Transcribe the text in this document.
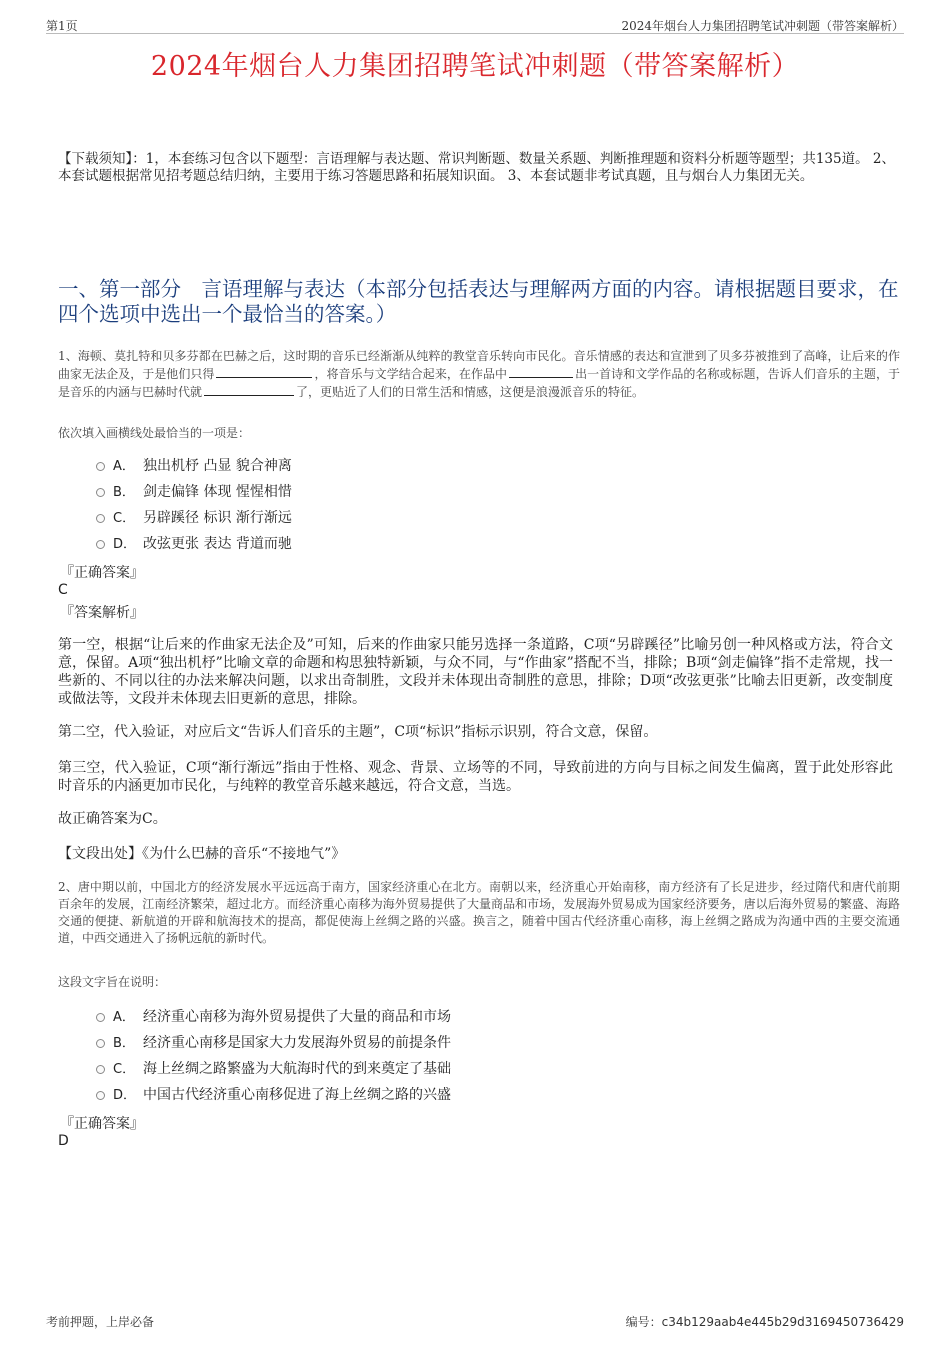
第1页	2024年烟台人力集团招聘笔试冲刺题（带答案解析）
2024年烟台人力集团招聘笔试冲刺题（带答案解析）
【下载须知】：1，本套练习包含以下题型：言语理解与表达题、常识判断题、数量关系题、判断推理题和资料分析题等题型；共135道。 2、本套试题根据常见招考题总结归纳，主要用于练习答题思路和拓展知识面。 3、本套试题非考试真题，且与烟台人力集团无关。
一、第一部分　言语理解与表达（本部分包括表达与理解两方面的内容。请根据题目要求，在四个选项中选出一个最恰当的答案。）
1、海顿、莫扎特和贝多芬都在巴赫之后，这时期的音乐已经渐渐从纯粹的教堂音乐转向市民化。音乐情感的表达和宣泄到了贝多芬被推到了高峰，让后来的作曲家无法企及，于是他们只得	，将音乐与文学结合起来，在作品中	出一首诗和文学作品的名称或标题，告诉人们音乐的主题，于是音乐的内涵与巴赫时代就	了，更贴近了人们的日常生活和情感，这便是浪漫派音乐的特征。
依次填入画横线处最恰当的一项是：
A． 独出机杼 凸显 貌合神离
B． 剑走偏锋 体现 惺惺相惜
C． 另辟蹊径 标识 渐行渐远
D． 改弦更张 表达 背道而驰
『正确答案』
C
『答案解析』
第一空，根据“让后来的作曲家无法企及”可知，后来的作曲家只能另选择一条道路，C项“另辟蹊径”比喻另创一种风格或方法，符合文意，保留。A项“独出机杼”比喻文章的命题和构思独特新颖，与众不同，与“作曲家”搭配不当，排除；B项“剑走偏锋”指不走常规，找一些新的、不同以往的办法来解决问题，以求出奇制胜，文段并未体现出奇制胜的意思，排除；D项“改弦更张”比喻去旧更新，改变制度或做法等，文段并未体现去旧更新的意思，排除。
第二空，代入验证，对应后文“告诉人们音乐的主题”，C项“标识”指标示识别，符合文意，保留。
第三空，代入验证，C项“渐行渐远”指由于性格、观念、背景、立场等的不同，导致前进的方向与目标之间发生偏离，置于此处形容此时音乐的内涵更加市民化，与纯粹的教堂音乐越来越远，符合文意，当选。
故正确答案为C。
【文段出处】《为什么巴赫的音乐“不接地气”》
2、唐中期以前，中国北方的经济发展水平远远高于南方，国家经济重心在北方。南朝以来，经济重心开始南移，南方经济有了长足进步，经过隋代和唐代前期百余年的发展，江南经济繁荣，超过北方。而经济重心南移为海外贸易提供了大量商品和市场，发展海外贸易成为国家经济要务，唐以后海外贸易的繁盛、海路交通的便捷、新航道的开辟和航海技术的提高，都促使海上丝绸之路的兴盛。换言之，随着中国古代经济重心南移，海上丝绸之路成为沟通中西的主要交流通道，中西交通进入了扬帆远航的新时代。
这段文字旨在说明：
A． 经济重心南移为海外贸易提供了大量的商品和市场
B． 经济重心南移是国家大力发展海外贸易的前提条件
C． 海上丝绸之路繁盛为大航海时代的到来奠定了基础
D． 中国古代经济重心南移促进了海上丝绸之路的兴盛
『正确答案』
D
考前押题，上岸必备	编号：c34b129aab4e445b29d3169450736429
